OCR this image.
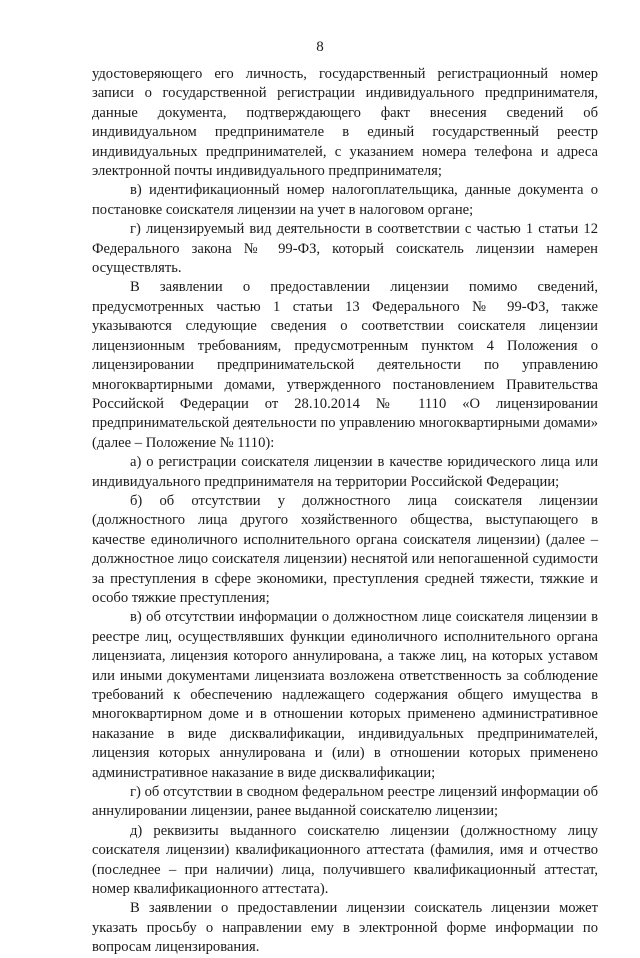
8

удостоверяющего его личность, государственный регистрационный номер записи о государственной регистрации индивидуального предпринимателя, данные документа, подтверждающего факт внесения сведений об индивидуальном предпринимателе в единый государственный реестр индивидуальных предпринимателей, с указанием номера телефона и адреса электронной почты индивидуального предпринимателя;

в) идентификационный номер налогоплательщика, данные документа о постановке соискателя лицензии на учет в налоговом органе;

г) лицензируемый вид деятельности в соответствии с частью 1 статьи 12 Федерального закона № 99-ФЗ, который соискатель лицензии намерен осуществлять.

В заявлении о предоставлении лицензии помимо сведений, предусмотренных частью 1 статьи 13 Федерального № 99-ФЗ, также указываются следующие сведения о соответствии соискателя лицензии лицензионным требованиям, предусмотренным пунктом 4 Положения о лицензировании предпринимательской деятельности по управлению многоквартирными домами, утвержденного постановлением Правительства Российской Федерации от 28.10.2014 № 1110 «О лицензировании предпринимательской деятельности по управлению многоквартирными домами» (далее – Положение № 1110):

а) о регистрации соискателя лицензии в качестве юридического лица или индивидуального предпринимателя на территории Российской Федерации;

б) об отсутствии у должностного лица соискателя лицензии (должностного лица другого хозяйственного общества, выступающего в качестве единоличного исполнительного органа соискателя лицензии) (далее – должностное лицо соискателя лицензии) неснятой или непогашенной судимости за преступления в сфере экономики, преступления средней тяжести, тяжкие и особо тяжкие преступления;

в) об отсутствии информации о должностном лице соискателя лицензии в реестре лиц, осуществлявших функции единоличного исполнительного органа лицензиата, лицензия которого аннулирована, а также лиц, на которых уставом или иными документами лицензиата возложена ответственность за соблюдение требований к обеспечению надлежащего содержания общего имущества в многоквартирном доме и в отношении которых применено административное наказание в виде дисквалификации, индивидуальных предпринимателей, лицензия которых аннулирована и (или) в отношении которых применено административное наказание в виде дисквалификации;

г) об отсутствии в сводном федеральном реестре лицензий информации об аннулировании лицензии, ранее выданной соискателю лицензии;

д) реквизиты выданного соискателю лицензии (должностному лицу соискателя лицензии) квалификационного аттестата (фамилия, имя и отчество (последнее – при наличии) лица, получившего квалификационный аттестат, номер квалификационного аттестата).

В заявлении о предоставлении лицензии соискатель лицензии может указать просьбу о направлении ему в электронной форме информации по вопросам лицензирования.
